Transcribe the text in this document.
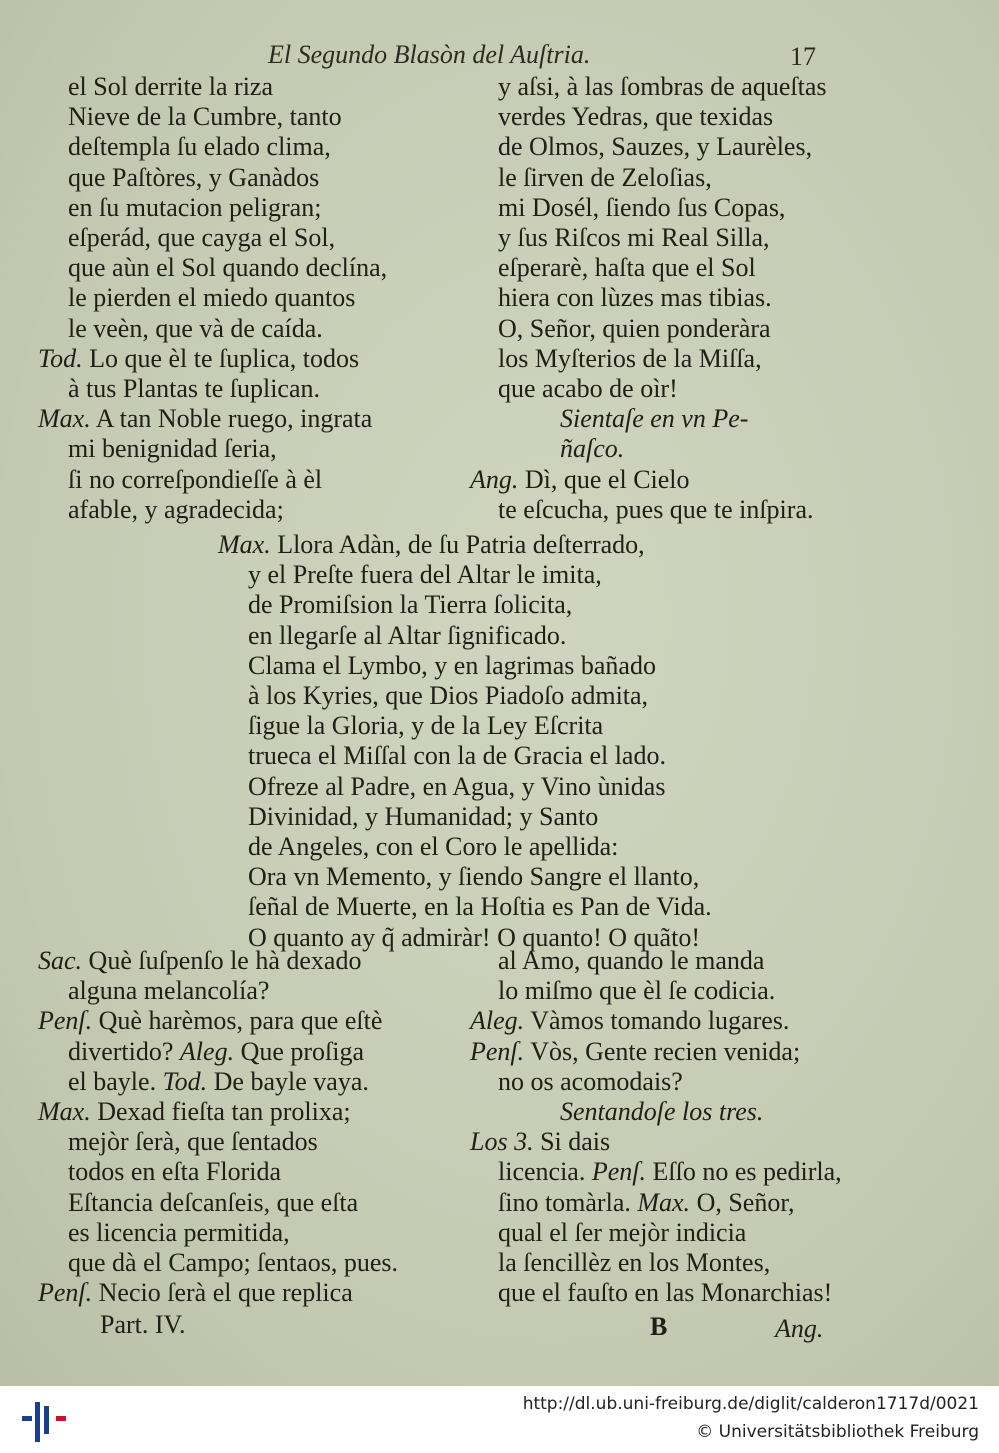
El Segundo Blasòn del Auſtria.	17
el Sol derrite la riza
Nieve de la Cumbre, tanto
deſtempla ſu elado clima,
que Paſtòres, y Ganàdos
en ſu mutacion peligran;
eſperád, que cayga el Sol,
que aùn el Sol quando declína,
le pierden el miedo quantos
le veèn, que và de caída.
Tod. Lo que èl te ſuplica, todos
à tus Plantas te ſuplican.
Max. A tan Noble ruego, ingrata
mi benignidad ſeria,
ſi no correſpondieſſe à èl
afable, y agradecida;
y aſsi, à las ſombras de aqueſtas
verdes Yedras, que texidas
de Olmos, Sauzes, y Laurèles,
le ſirven de Zeloſias,
mi Dosél, ſiendo ſus Copas,
y ſus Riſcos mi Real Silla,
eſperarè, haſta que el Sol
hiera con lùzes mas tibias.
O, Señor, quien ponderàra
los Myſterios de la Miſſa,
que acabo de oìr!
Sientaſe en vn Pe-
ñaſco.
Ang. Dì, que el Cielo
te eſcucha, pues que te inſpira.
Max. Llora Adàn, de ſu Patria deſterrado,
y el Preſte fuera del Altar le imita,
de Promiſsion la Tierra ſolicita,
en llegarſe al Altar ſignificado.
Clama el Lymbo, y en lagrimas bañado
à los Kyries, que Dios Piadoſo admita,
ſigue la Gloria, y de la Ley Eſcrita
trueca el Miſſal con la de Gracia el lado.
Ofreze al Padre, en Agua, y Vino ùnidas
Divinidad, y Humanidad; y Santo
de Angeles, con el Coro le apellida:
Ora vn Memento, y ſiendo Sangre el llanto,
ſeñal de Muerte, en la Hoſtia es Pan de Vida.
O quanto ay q̃ admiràr! O quanto! O quãto!
Sac. Què ſuſpenſo le hà dexado
alguna melancolía?
Penſ. Què harèmos, para que eſtè
divertido? Aleg. Que proſiga
el bayle. Tod. De bayle vaya.
Max. Dexad fieſta tan prolixa;
mejòr ſerà, que ſentados
todos en eſta Florida
Eſtancia deſcanſeis, que eſta
es licencia permitida,
que dà el Campo; ſentaos, pues.
Penſ. Necio ſerà el que replica
al Amo, quando le manda
lo miſmo que èl ſe codicia.
Aleg. Vàmos tomando lugares.
Penſ. Vòs, Gente recien venida;
no os acomodais?
Sentandoſe los tres.
Los 3. Si dais
licencia. Penſ. Eſſo no es pedirla,
ſino tomàrla. Max. O, Señor,
qual el ſer mejòr indicia
la ſencillèz en los Montes,
que el fauſto en las Monarchias!
Part. IV.	B	Ang.
http://dl.ub.uni-freiburg.de/diglit/calderon1717d/0021
© Universitätsbibliothek Freiburg
